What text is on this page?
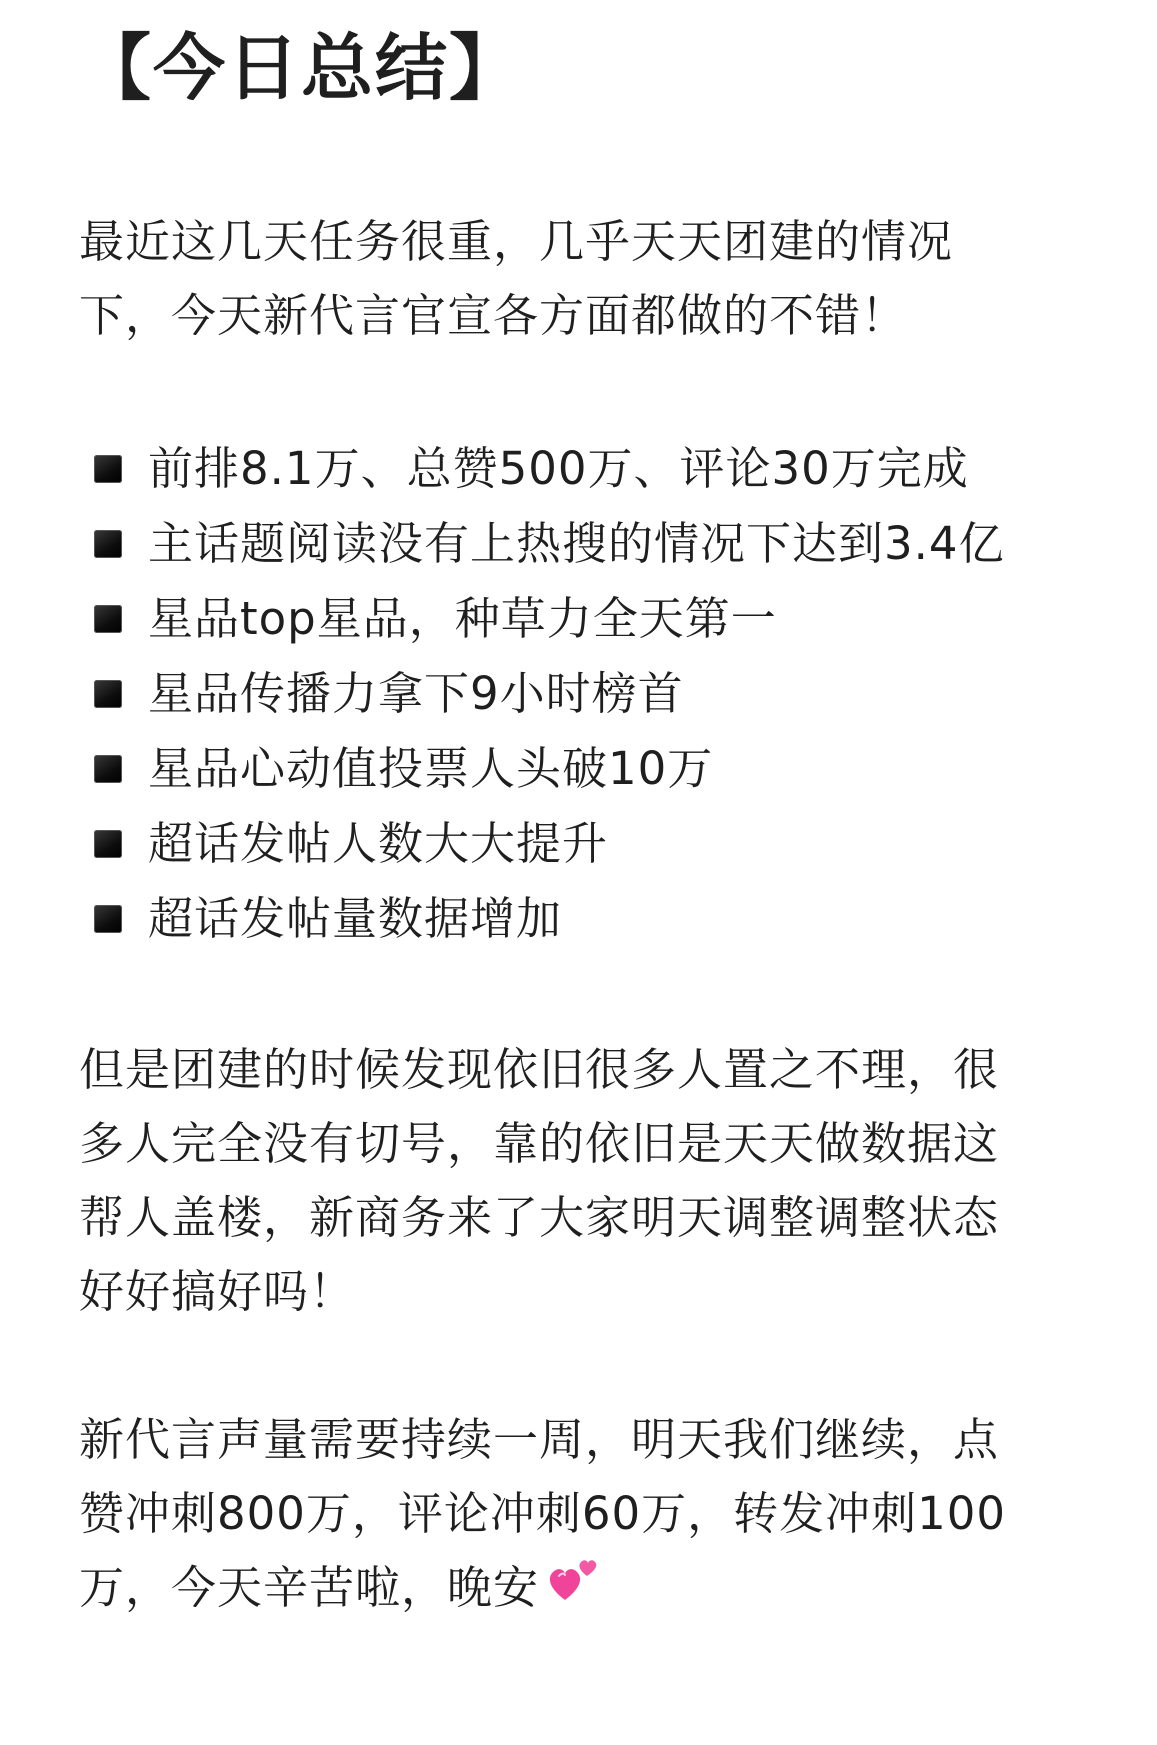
【今日总结】

最近这几天任务很重，几乎天天团建的情况
下，今天新代言官宣各方面都做的不错！

前排8.1万、总赞500万、评论30万完成
主话题阅读没有上热搜的情况下达到3.4亿
星品top星品，种草力全天第一
星品传播力拿下9小时榜首
星品心动值投票人头破10万
超话发帖人数大大提升
超话发帖量数据增加

但是团建的时候发现依旧很多人置之不理，很
多人完全没有切号，靠的依旧是天天做数据这
帮人盖楼，新商务来了大家明天调整调整状态
好好搞好吗！

新代言声量需要持续一周，明天我们继续，点
赞冲刺800万，评论冲刺60万，转发冲刺100
万，今天辛苦啦，晚安
